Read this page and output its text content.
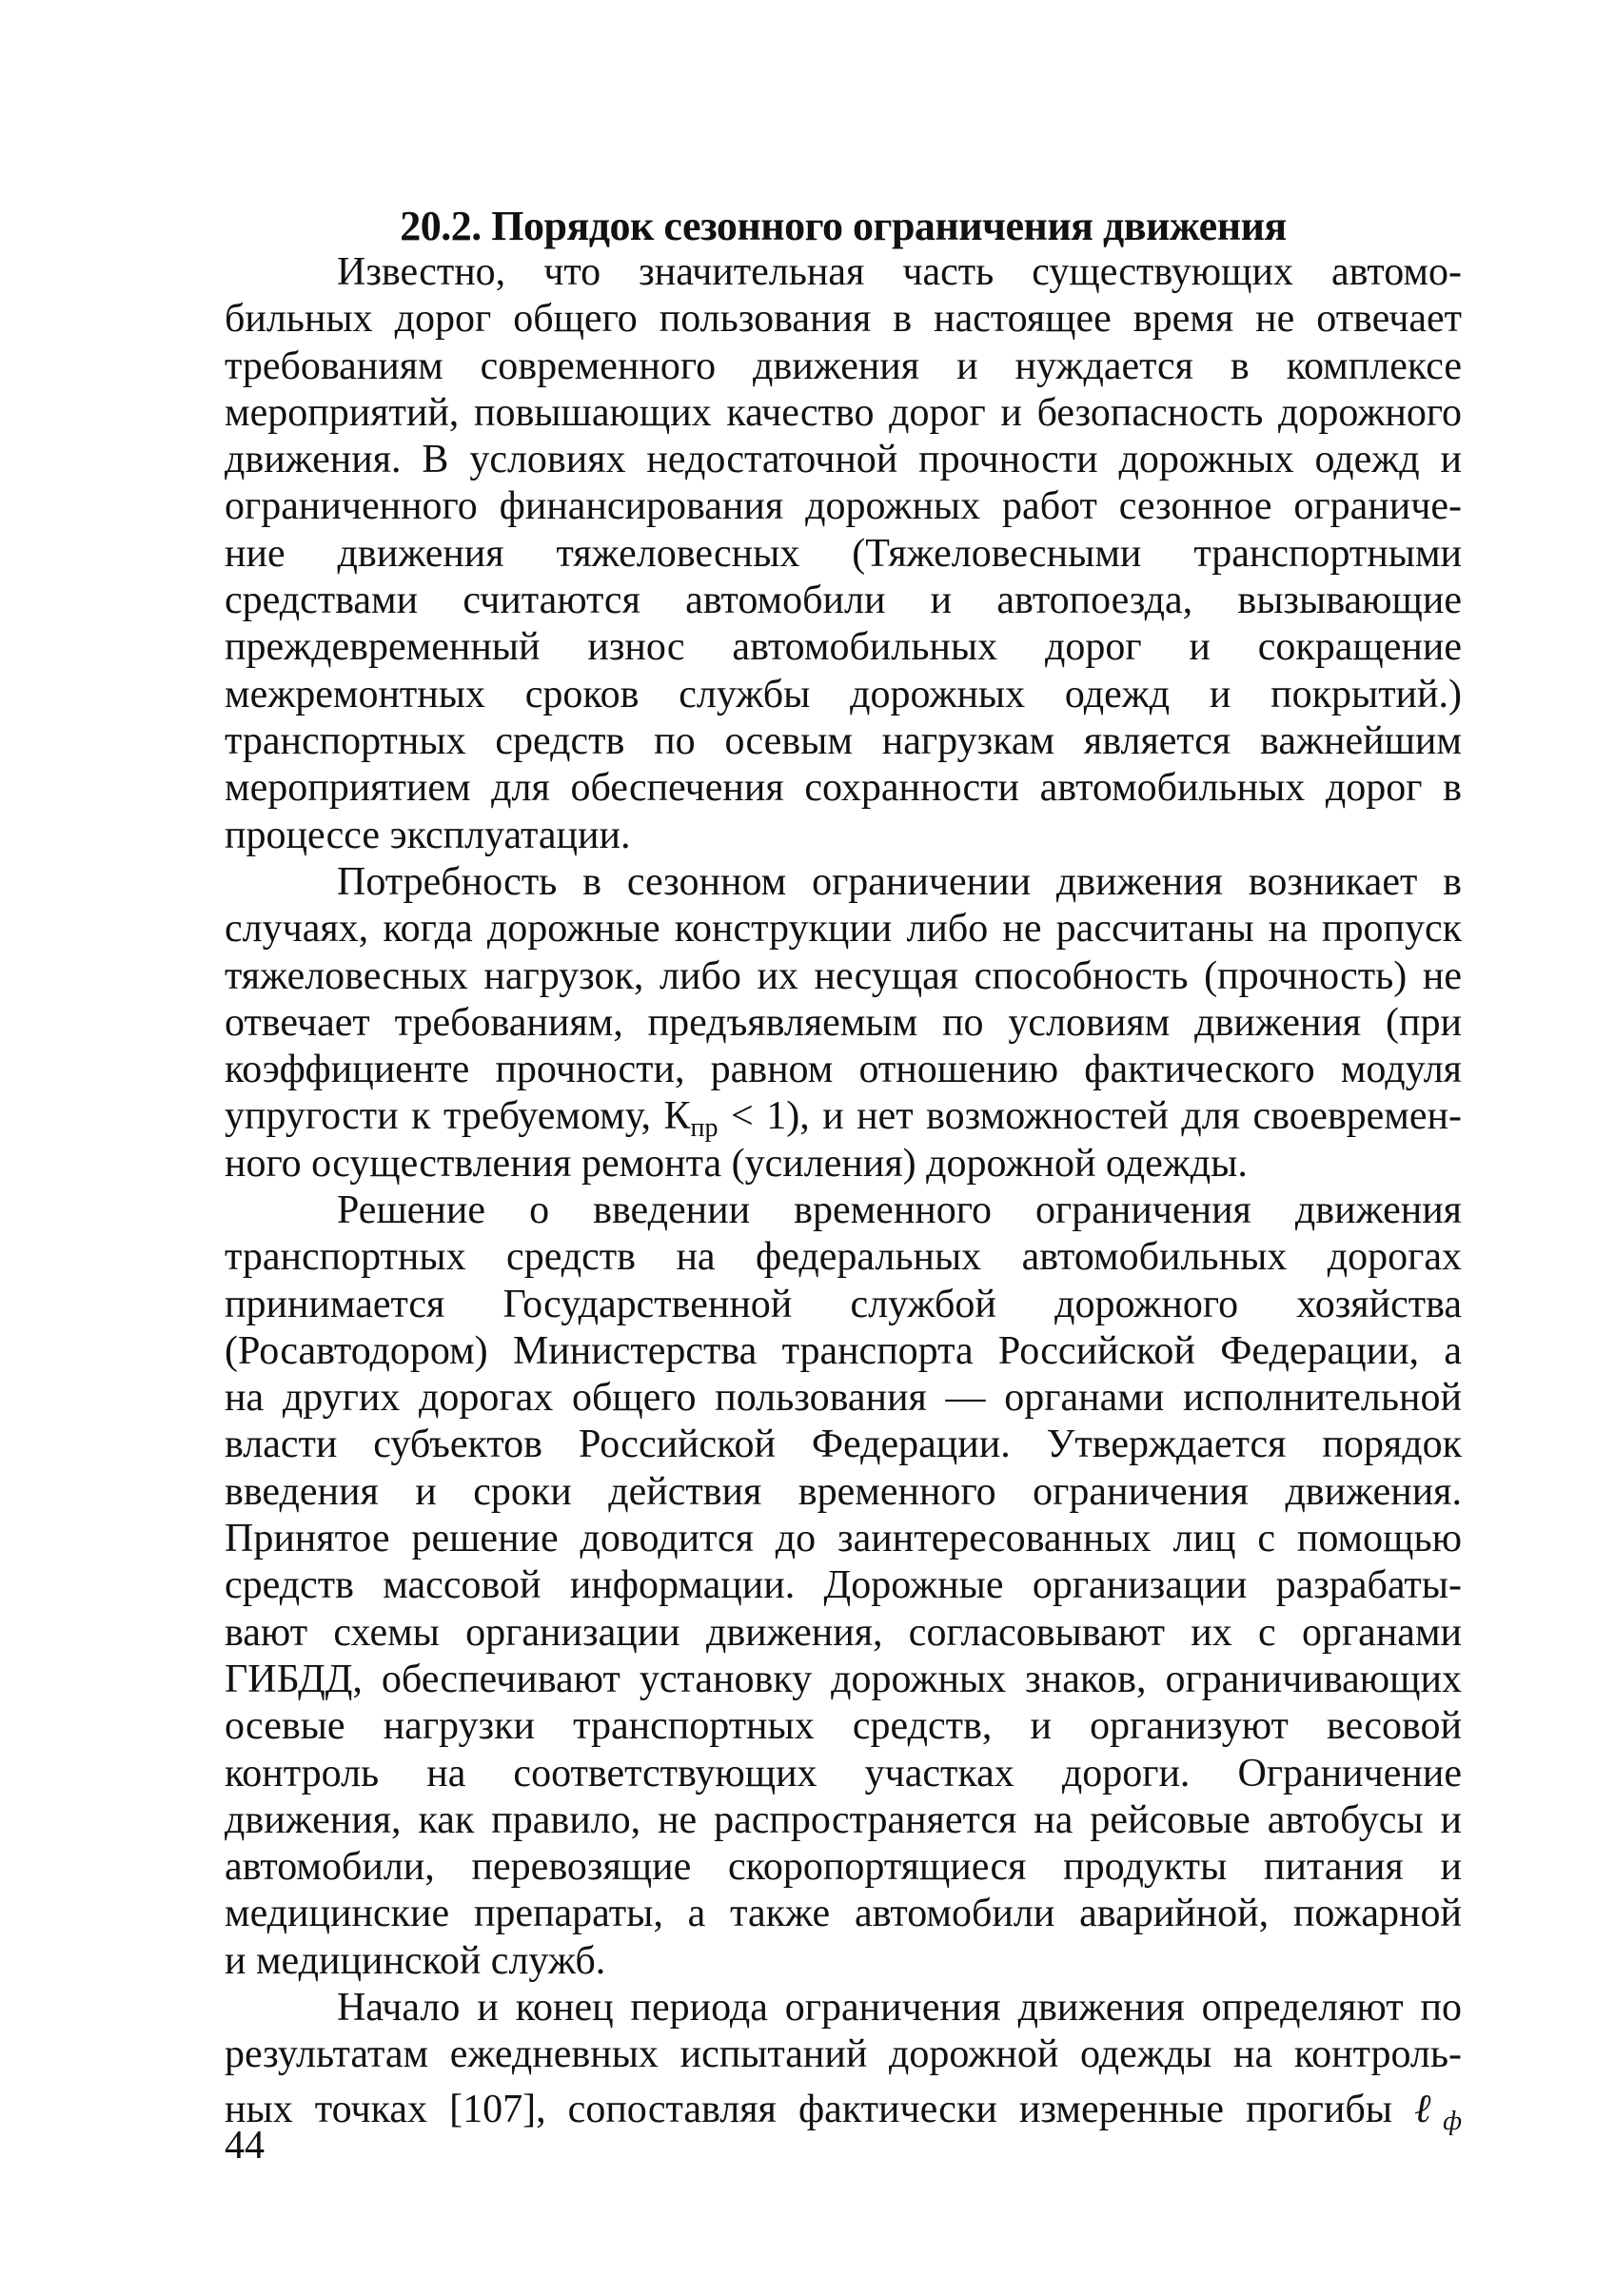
20.2. Порядок сезонного ограничения движения
Известно, что значительная часть существующих автомо-
бильных дорог общего пользования в настоящее время не отвечает
требованиям современного движения и нуждается в комплексе
мероприятий, повышающих качество дорог и безопасность дорожного
движения. В условиях недостаточной прочности дорожных одежд и
ограниченного финансирования дорожных работ сезонное ограниче-
ние движения тяжеловесных (Тяжеловесными транспортными
средствами считаются автомобили и автопоезда, вызывающие
преждевременный износ автомобильных дорог и сокращение
межремонтных сроков службы дорожных одежд и покрытий.)
транспортных средств по осевым нагрузкам является важнейшим
мероприятием для обеспечения сохранности автомобильных дорог в
процессе эксплуатации.
Потребность в сезонном ограничении движения возникает в
случаях, когда дорожные конструкции либо не рассчитаны на пропуск
тяжеловесных нагрузок, либо их несущая способность (прочность) не
отвечает требованиям, предъявляемым по условиям движения (при
коэффициенте прочности, равном отношению фактического модуля
упругости к требуемому, $К_{пр} < 1$), и нет возможностей для своевремен-
ного осуществления ремонта (усиления) дорожной одежды.
Решение о введении временного ограничения движения
транспортных средств на федеральных автомобильных дорогах
принимается Государственной службой дорожного хозяйства
(Росавтодором) Министерства транспорта Российской Федерации, а
на других дорогах общего пользования — органами исполнительной
власти субъектов Российской Федерации. Утверждается порядок
введения и сроки действия временного ограничения движения.
Принятое решение доводится до заинтересованных лиц с помощью
средств массовой информации. Дорожные организации разрабаты-
вают схемы организации движения, согласовывают их с органами
ГИБДД, обеспечивают установку дорожных знаков, ограничивающих
осевые нагрузки транспортных средств, и организуют весовой
контроль на соответствующих участках дороги. Ограничение
движения, как правило, не распространяется на рейсовые автобусы и
автомобили, перевозящие скоропортящиеся продукты питания и
медицинские препараты, а также автомобили аварийной, пожарной
и медицинской служб.
Начало и конец периода ограничения движения определяют по
результатам ежедневных испытаний дорожной одежды на контроль-
ных точках [107], сопоставляя фактически измеренные прогибы ℓ$_ф$
44
